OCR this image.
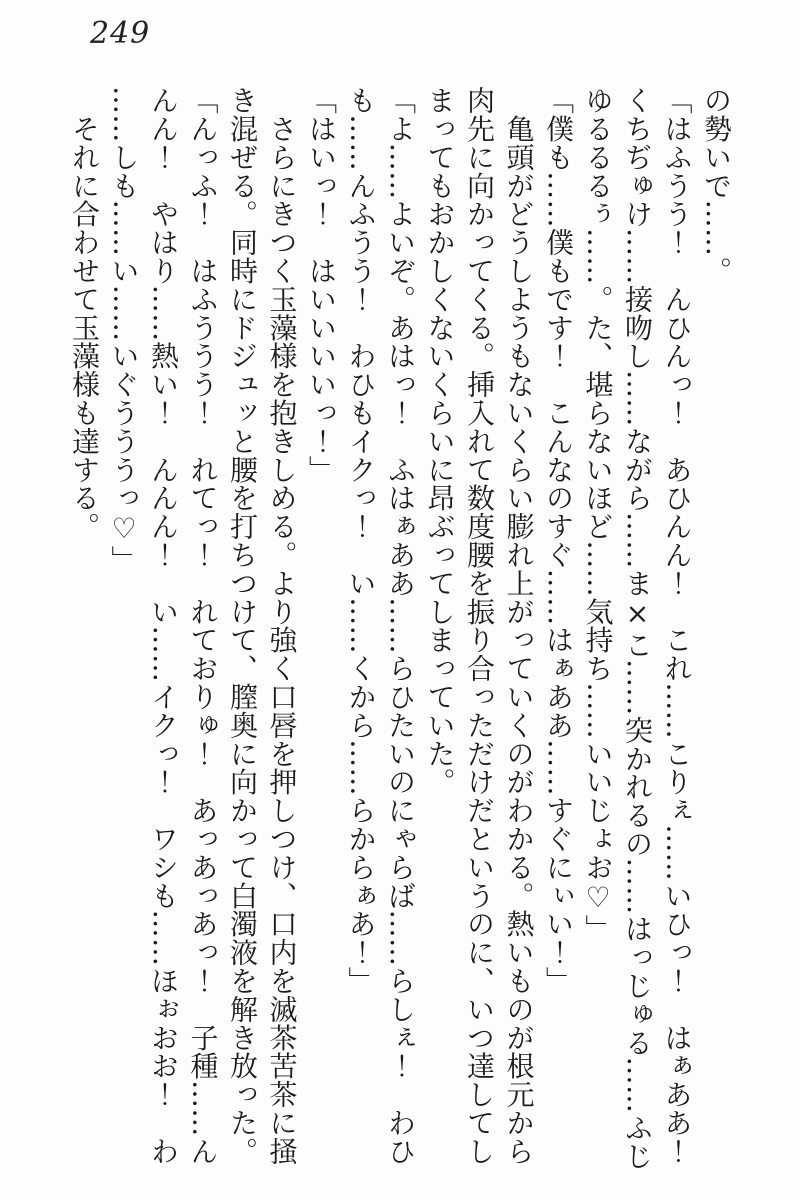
249

の勢いで……。

「はふうう！　んひんっ！　あひんん！　これ……こりぇ……いひっ！　はぁああ！

くちぢゅけ……接吻し……ながら……ま×こ……突かれるの……はっじゅる……ふじ

ゆるるるぅ……。た、堪らないほど……気持ち……いいじょお♡」

「僕も……僕もです！　こんなのすぐ……はぁああ……すぐにぃい！」

　亀頭がどうしようもないくらい膨れ上がっていくのがわかる。熱いものが根元から

肉先に向かってくる。挿入れて数度腰を振り合っただけだというのに、いつ達してし

まってもおかしくないくらいに昂ぶってしまっていた。

「よ……よいぞ。あはっ！　ふはぁああ……らひたいのにゃらば……らしぇ！　わひ

も……んふうう！　わひもイクっ！　い……くから……らからぁあ！」

「はいっ！　はいいいいっ！」

　さらにきつく玉藻様を抱きしめる。より強く口唇を押しつけ、口内を滅茶苦茶に掻

き混ぜる。同時にドジュッと腰を打ちつけて、膣奥に向かって白濁液を解き放った。

「んっふ！　はふううう！　れてっ！　れておりゅ！　あっあっあっ！　子種……ん

んん！　やはり……熱い！　んんん！　い……イクっ！　ワシも……ほぉおお！　わ

……しも……い……いぐうううっ♡」

　それに合わせて玉藻様も達する。
